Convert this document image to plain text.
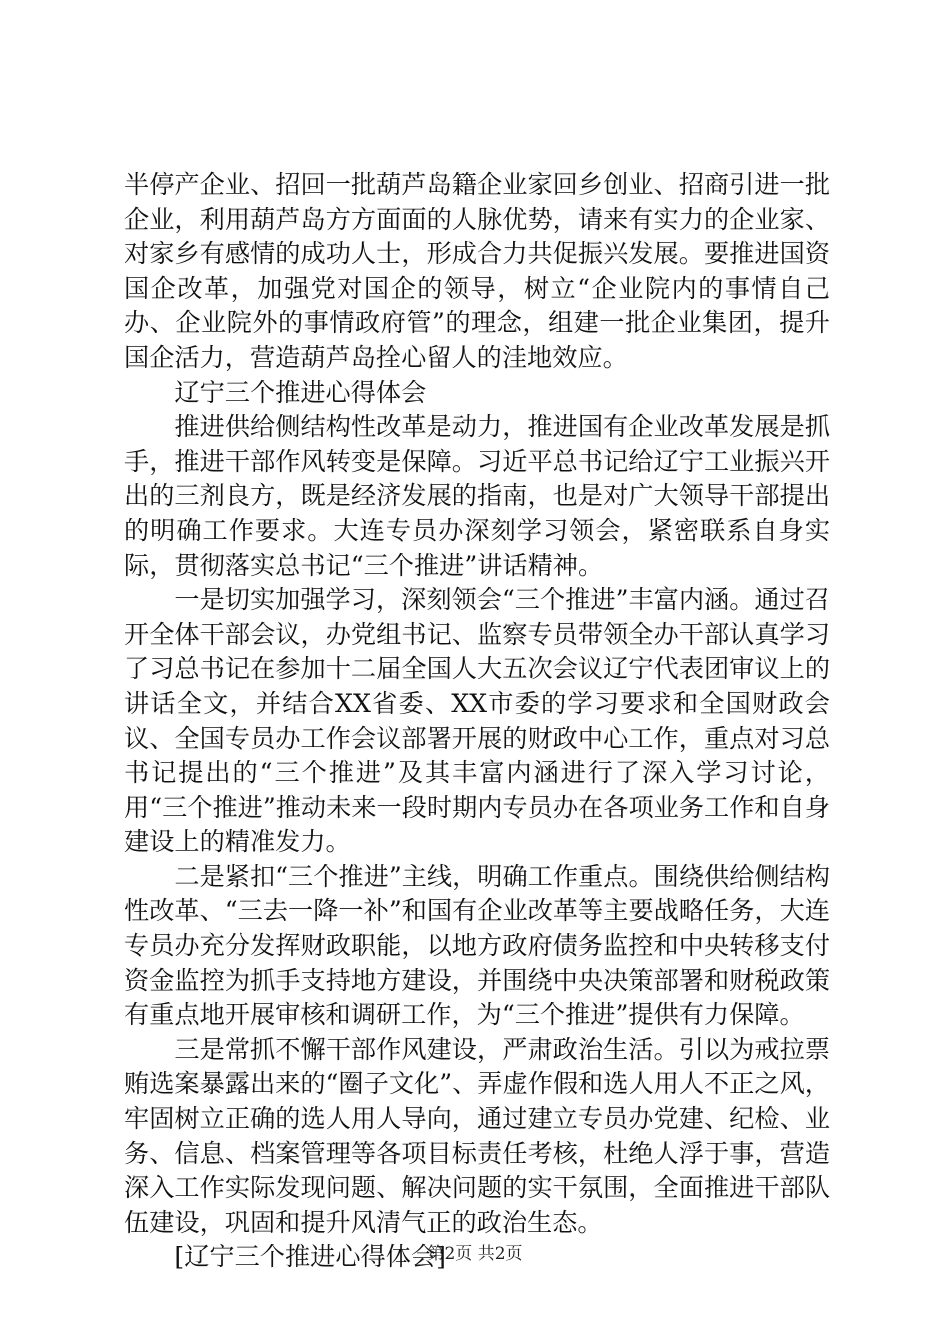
半停产企业、招回一批葫芦岛籍企业家回乡创业、招商引进一批企业，利用葫芦岛方方面面的人脉优势，请来有实力的企业家、对家乡有感情的成功人士，形成合力共促振兴发展。要推进国资国企改革，加强党对国企的领导，树立“企业院内的事情自己办、企业院外的事情政府管”的理念，组建一批企业集团，提升国企活力，营造葫芦岛拴心留人的洼地效应。

辽宁三个推进心得体会

推进供给侧结构性改革是动力，推进国有企业改革发展是抓手，推进干部作风转变是保障。习近平总书记给辽宁工业振兴开出的三剂良方，既是经济发展的指南，也是对广大领导干部提出的明确工作要求。大连专员办深刻学习领会，紧密联系自身实际，贯彻落实总书记“三个推进”讲话精神。

一是切实加强学习，深刻领会“三个推进”丰富内涵。通过召开全体干部会议，办党组书记、监察专员带领全办干部认真学习了习总书记在参加十二届全国人大五次会议辽宁代表团审议上的讲话全文，并结合XX省委、XX市委的学习要求和全国财政会议、全国专员办工作会议部署开展的财政中心工作，重点对习总书记提出的“三个推进”及其丰富内涵进行了深入学习讨论，用“三个推进”推动未来一段时期内专员办在各项业务工作和自身建设上的精准发力。

二是紧扣“三个推进”主线，明确工作重点。围绕供给侧结构性改革、“三去一降一补”和国有企业改革等主要战略任务，大连专员办充分发挥财政职能，以地方政府债务监控和中央转移支付资金监控为抓手支持地方建设，并围绕中央决策部署和财税政策有重点地开展审核和调研工作，为“三个推进”提供有力保障。

三是常抓不懈干部作风建设，严肃政治生活。引以为戒拉票贿选案暴露出来的“圈子文化”、弄虚作假和选人用人不正之风，牢固树立正确的选人用人导向，通过建立专员办党建、纪检、业务、信息、档案管理等各项目标责任考核，杜绝人浮于事，营造深入工作实际发现问题、解决问题的实干氛围，全面推进干部队伍建设，巩固和提升风清气正的政治生态。

[辽宁三个推进心得体会]

第2页 共2页
